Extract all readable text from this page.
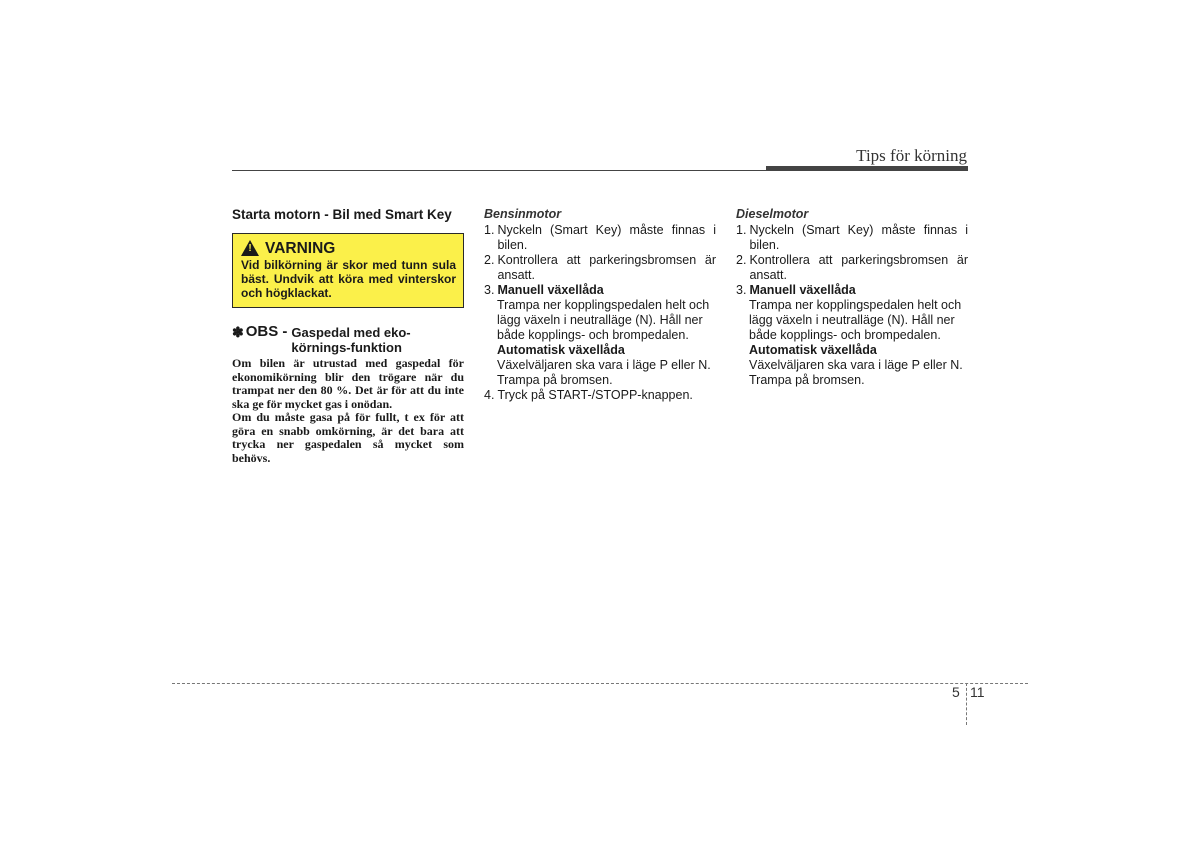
Tips för körning
Starta motorn - Bil med Smart Key
! VARNING
Vid bilkörning är skor med tunn sula bäst. Undvik att köra med vinterskor och högklackat.
✽ OBS - Gaspedal med eko-körnings-funktion

Om bilen är utrustad med gaspedal för ekonomikörning blir den trögare när du trampat ner den 80 %. Det är för att du inte ska ge för mycket gas i onödan.

Om du måste gasa på för fullt, t ex för att göra en snabb omkörning, är det bara att trycka ner gaspedalen så mycket som behövs.

Bensinmotor
1. Nyckeln (Smart Key) måste finnas i bilen.
2. Kontrollera att parkeringsbromsen är ansatt.
3. Manuell växellåda
Trampa ner kopplingspedalen helt och lägg växeln i neutralläge (N). Håll ner både kopplings- och brompedalen.
Automatisk växellåda
Växelväljaren ska vara i läge P eller N. Trampa på bromsen.
4. Tryck på START-/STOPP-knappen.
Dieselmotor
1. Nyckeln (Smart Key) måste finnas i bilen.
2. Kontrollera att parkeringsbromsen är ansatt.
3. Manuell växellåda
Trampa ner kopplingspedalen helt och lägg växeln i neutralläge (N). Håll ner både kopplings- och brompedalen.
Automatisk växellåda
Växelväljaren ska vara i läge P eller N. Trampa på bromsen.
5 11
